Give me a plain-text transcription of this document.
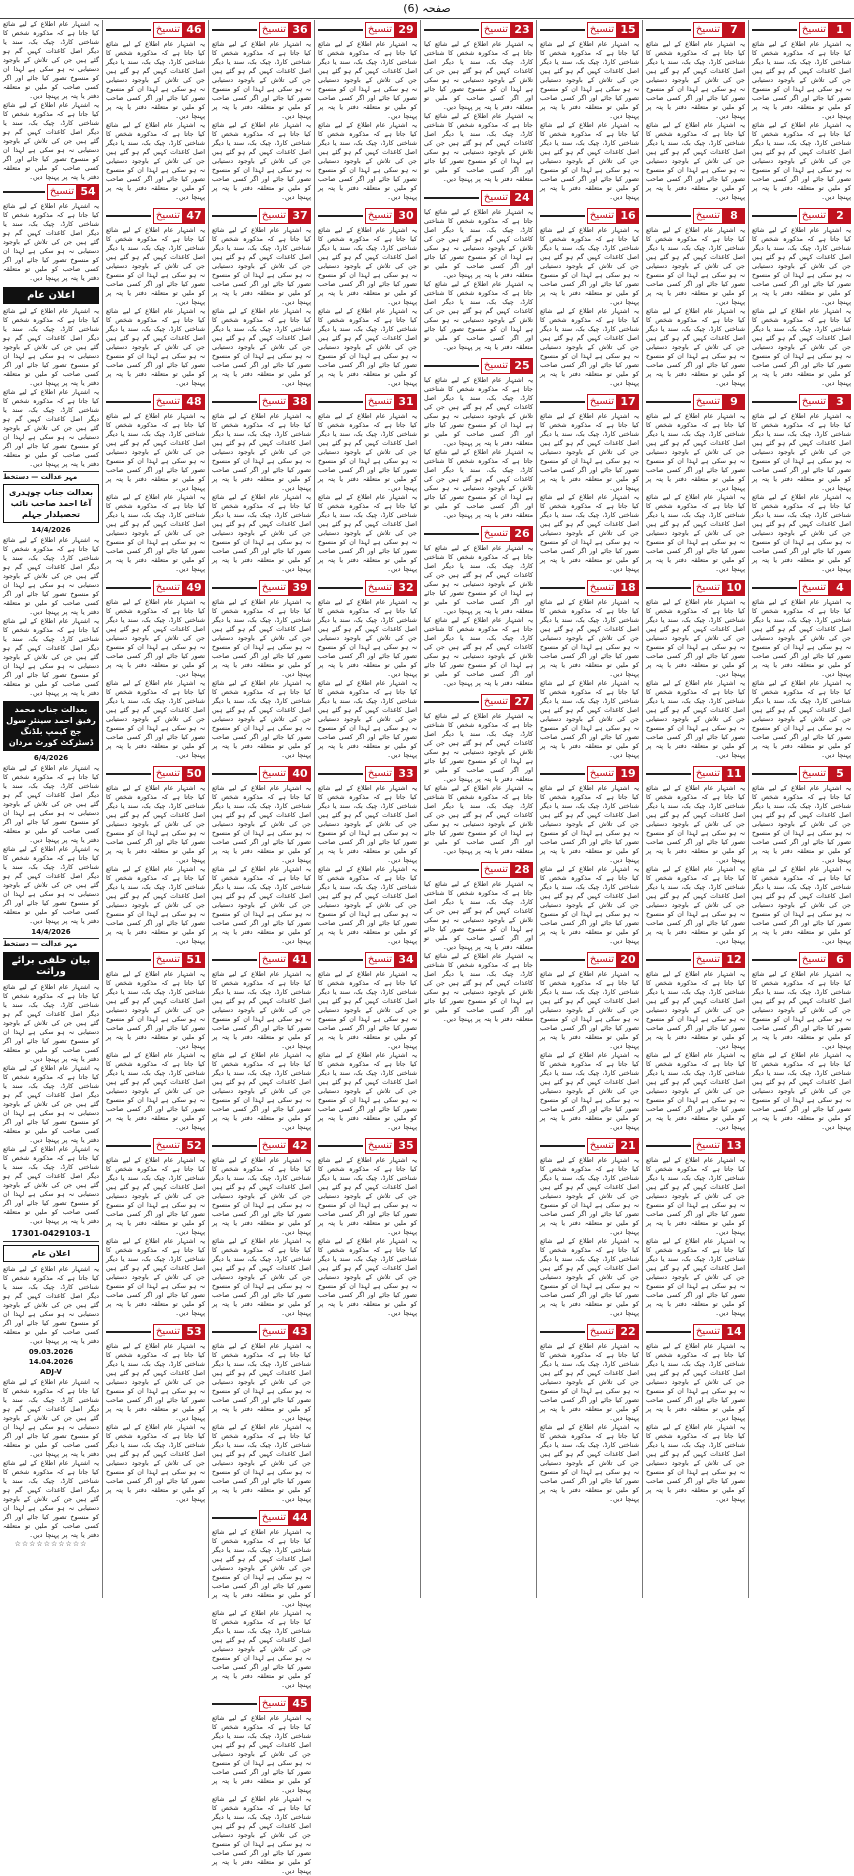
صفحہ (6)
1
تنسیخ
یہ اشتہار عام اطلاع کے لیے شائع کیا جاتا ہے کہ مذکورہ شخص کا شناختی کارڈ، چیک بک، سند یا دیگر اصل کاغذات کہیں گم ہو گئے ہیں جن کی تلاش کے باوجود دستیابی نہ ہو سکی ہے لہذا ان کو منسوخ تصور کیا جائے اور اگر کسی صاحب کو ملیں تو متعلقہ دفتر یا پتہ پر پہنچا دیں۔
یہ اشتہار عام اطلاع کے لیے شائع کیا جاتا ہے کہ مذکورہ شخص کا شناختی کارڈ، چیک بک، سند یا دیگر اصل کاغذات کہیں گم ہو گئے ہیں جن کی تلاش کے باوجود دستیابی نہ ہو سکی ہے لہذا ان کو منسوخ تصور کیا جائے اور اگر کسی صاحب کو ملیں تو متعلقہ دفتر یا پتہ پر پہنچا دیں۔
2
تنسیخ
یہ اشتہار عام اطلاع کے لیے شائع کیا جاتا ہے کہ مذکورہ شخص کا شناختی کارڈ، چیک بک، سند یا دیگر اصل کاغذات کہیں گم ہو گئے ہیں جن کی تلاش کے باوجود دستیابی نہ ہو سکی ہے لہذا ان کو منسوخ تصور کیا جائے اور اگر کسی صاحب کو ملیں تو متعلقہ دفتر یا پتہ پر پہنچا دیں۔
یہ اشتہار عام اطلاع کے لیے شائع کیا جاتا ہے کہ مذکورہ شخص کا شناختی کارڈ، چیک بک، سند یا دیگر اصل کاغذات کہیں گم ہو گئے ہیں جن کی تلاش کے باوجود دستیابی نہ ہو سکی ہے لہذا ان کو منسوخ تصور کیا جائے اور اگر کسی صاحب کو ملیں تو متعلقہ دفتر یا پتہ پر پہنچا دیں۔
3
تنسیخ
یہ اشتہار عام اطلاع کے لیے شائع کیا جاتا ہے کہ مذکورہ شخص کا شناختی کارڈ، چیک بک، سند یا دیگر اصل کاغذات کہیں گم ہو گئے ہیں جن کی تلاش کے باوجود دستیابی نہ ہو سکی ہے لہذا ان کو منسوخ تصور کیا جائے اور اگر کسی صاحب کو ملیں تو متعلقہ دفتر یا پتہ پر پہنچا دیں۔
یہ اشتہار عام اطلاع کے لیے شائع کیا جاتا ہے کہ مذکورہ شخص کا شناختی کارڈ، چیک بک، سند یا دیگر اصل کاغذات کہیں گم ہو گئے ہیں جن کی تلاش کے باوجود دستیابی نہ ہو سکی ہے لہذا ان کو منسوخ تصور کیا جائے اور اگر کسی صاحب کو ملیں تو متعلقہ دفتر یا پتہ پر پہنچا دیں۔
4
تنسیخ
یہ اشتہار عام اطلاع کے لیے شائع کیا جاتا ہے کہ مذکورہ شخص کا شناختی کارڈ، چیک بک، سند یا دیگر اصل کاغذات کہیں گم ہو گئے ہیں جن کی تلاش کے باوجود دستیابی نہ ہو سکی ہے لہذا ان کو منسوخ تصور کیا جائے اور اگر کسی صاحب کو ملیں تو متعلقہ دفتر یا پتہ پر پہنچا دیں۔
یہ اشتہار عام اطلاع کے لیے شائع کیا جاتا ہے کہ مذکورہ شخص کا شناختی کارڈ، چیک بک، سند یا دیگر اصل کاغذات کہیں گم ہو گئے ہیں جن کی تلاش کے باوجود دستیابی نہ ہو سکی ہے لہذا ان کو منسوخ تصور کیا جائے اور اگر کسی صاحب کو ملیں تو متعلقہ دفتر یا پتہ پر پہنچا دیں۔
5
تنسیخ
یہ اشتہار عام اطلاع کے لیے شائع کیا جاتا ہے کہ مذکورہ شخص کا شناختی کارڈ، چیک بک، سند یا دیگر اصل کاغذات کہیں گم ہو گئے ہیں جن کی تلاش کے باوجود دستیابی نہ ہو سکی ہے لہذا ان کو منسوخ تصور کیا جائے اور اگر کسی صاحب کو ملیں تو متعلقہ دفتر یا پتہ پر پہنچا دیں۔
یہ اشتہار عام اطلاع کے لیے شائع کیا جاتا ہے کہ مذکورہ شخص کا شناختی کارڈ، چیک بک، سند یا دیگر اصل کاغذات کہیں گم ہو گئے ہیں جن کی تلاش کے باوجود دستیابی نہ ہو سکی ہے لہذا ان کو منسوخ تصور کیا جائے اور اگر کسی صاحب کو ملیں تو متعلقہ دفتر یا پتہ پر پہنچا دیں۔
6
تنسیخ
یہ اشتہار عام اطلاع کے لیے شائع کیا جاتا ہے کہ مذکورہ شخص کا شناختی کارڈ، چیک بک، سند یا دیگر اصل کاغذات کہیں گم ہو گئے ہیں جن کی تلاش کے باوجود دستیابی نہ ہو سکی ہے لہذا ان کو منسوخ تصور کیا جائے اور اگر کسی صاحب کو ملیں تو متعلقہ دفتر یا پتہ پر پہنچا دیں۔
یہ اشتہار عام اطلاع کے لیے شائع کیا جاتا ہے کہ مذکورہ شخص کا شناختی کارڈ، چیک بک، سند یا دیگر اصل کاغذات کہیں گم ہو گئے ہیں جن کی تلاش کے باوجود دستیابی نہ ہو سکی ہے لہذا ان کو منسوخ تصور کیا جائے اور اگر کسی صاحب کو ملیں تو متعلقہ دفتر یا پتہ پر پہنچا دیں۔
7
تنسیخ
یہ اشتہار عام اطلاع کے لیے شائع کیا جاتا ہے کہ مذکورہ شخص کا شناختی کارڈ، چیک بک، سند یا دیگر اصل کاغذات کہیں گم ہو گئے ہیں جن کی تلاش کے باوجود دستیابی نہ ہو سکی ہے لہذا ان کو منسوخ تصور کیا جائے اور اگر کسی صاحب کو ملیں تو متعلقہ دفتر یا پتہ پر پہنچا دیں۔
یہ اشتہار عام اطلاع کے لیے شائع کیا جاتا ہے کہ مذکورہ شخص کا شناختی کارڈ، چیک بک، سند یا دیگر اصل کاغذات کہیں گم ہو گئے ہیں جن کی تلاش کے باوجود دستیابی نہ ہو سکی ہے لہذا ان کو منسوخ تصور کیا جائے اور اگر کسی صاحب کو ملیں تو متعلقہ دفتر یا پتہ پر پہنچا دیں۔
8
تنسیخ
یہ اشتہار عام اطلاع کے لیے شائع کیا جاتا ہے کہ مذکورہ شخص کا شناختی کارڈ، چیک بک، سند یا دیگر اصل کاغذات کہیں گم ہو گئے ہیں جن کی تلاش کے باوجود دستیابی نہ ہو سکی ہے لہذا ان کو منسوخ تصور کیا جائے اور اگر کسی صاحب کو ملیں تو متعلقہ دفتر یا پتہ پر پہنچا دیں۔
یہ اشتہار عام اطلاع کے لیے شائع کیا جاتا ہے کہ مذکورہ شخص کا شناختی کارڈ، چیک بک، سند یا دیگر اصل کاغذات کہیں گم ہو گئے ہیں جن کی تلاش کے باوجود دستیابی نہ ہو سکی ہے لہذا ان کو منسوخ تصور کیا جائے اور اگر کسی صاحب کو ملیں تو متعلقہ دفتر یا پتہ پر پہنچا دیں۔
9
تنسیخ
یہ اشتہار عام اطلاع کے لیے شائع کیا جاتا ہے کہ مذکورہ شخص کا شناختی کارڈ، چیک بک، سند یا دیگر اصل کاغذات کہیں گم ہو گئے ہیں جن کی تلاش کے باوجود دستیابی نہ ہو سکی ہے لہذا ان کو منسوخ تصور کیا جائے اور اگر کسی صاحب کو ملیں تو متعلقہ دفتر یا پتہ پر پہنچا دیں۔
یہ اشتہار عام اطلاع کے لیے شائع کیا جاتا ہے کہ مذکورہ شخص کا شناختی کارڈ، چیک بک، سند یا دیگر اصل کاغذات کہیں گم ہو گئے ہیں جن کی تلاش کے باوجود دستیابی نہ ہو سکی ہے لہذا ان کو منسوخ تصور کیا جائے اور اگر کسی صاحب کو ملیں تو متعلقہ دفتر یا پتہ پر پہنچا دیں۔
10
تنسیخ
یہ اشتہار عام اطلاع کے لیے شائع کیا جاتا ہے کہ مذکورہ شخص کا شناختی کارڈ، چیک بک، سند یا دیگر اصل کاغذات کہیں گم ہو گئے ہیں جن کی تلاش کے باوجود دستیابی نہ ہو سکی ہے لہذا ان کو منسوخ تصور کیا جائے اور اگر کسی صاحب کو ملیں تو متعلقہ دفتر یا پتہ پر پہنچا دیں۔
یہ اشتہار عام اطلاع کے لیے شائع کیا جاتا ہے کہ مذکورہ شخص کا شناختی کارڈ، چیک بک، سند یا دیگر اصل کاغذات کہیں گم ہو گئے ہیں جن کی تلاش کے باوجود دستیابی نہ ہو سکی ہے لہذا ان کو منسوخ تصور کیا جائے اور اگر کسی صاحب کو ملیں تو متعلقہ دفتر یا پتہ پر پہنچا دیں۔
11
تنسیخ
یہ اشتہار عام اطلاع کے لیے شائع کیا جاتا ہے کہ مذکورہ شخص کا شناختی کارڈ، چیک بک، سند یا دیگر اصل کاغذات کہیں گم ہو گئے ہیں جن کی تلاش کے باوجود دستیابی نہ ہو سکی ہے لہذا ان کو منسوخ تصور کیا جائے اور اگر کسی صاحب کو ملیں تو متعلقہ دفتر یا پتہ پر پہنچا دیں۔
یہ اشتہار عام اطلاع کے لیے شائع کیا جاتا ہے کہ مذکورہ شخص کا شناختی کارڈ، چیک بک، سند یا دیگر اصل کاغذات کہیں گم ہو گئے ہیں جن کی تلاش کے باوجود دستیابی نہ ہو سکی ہے لہذا ان کو منسوخ تصور کیا جائے اور اگر کسی صاحب کو ملیں تو متعلقہ دفتر یا پتہ پر پہنچا دیں۔
12
تنسیخ
یہ اشتہار عام اطلاع کے لیے شائع کیا جاتا ہے کہ مذکورہ شخص کا شناختی کارڈ، چیک بک، سند یا دیگر اصل کاغذات کہیں گم ہو گئے ہیں جن کی تلاش کے باوجود دستیابی نہ ہو سکی ہے لہذا ان کو منسوخ تصور کیا جائے اور اگر کسی صاحب کو ملیں تو متعلقہ دفتر یا پتہ پر پہنچا دیں۔
یہ اشتہار عام اطلاع کے لیے شائع کیا جاتا ہے کہ مذکورہ شخص کا شناختی کارڈ، چیک بک، سند یا دیگر اصل کاغذات کہیں گم ہو گئے ہیں جن کی تلاش کے باوجود دستیابی نہ ہو سکی ہے لہذا ان کو منسوخ تصور کیا جائے اور اگر کسی صاحب کو ملیں تو متعلقہ دفتر یا پتہ پر پہنچا دیں۔
13
تنسیخ
یہ اشتہار عام اطلاع کے لیے شائع کیا جاتا ہے کہ مذکورہ شخص کا شناختی کارڈ، چیک بک، سند یا دیگر اصل کاغذات کہیں گم ہو گئے ہیں جن کی تلاش کے باوجود دستیابی نہ ہو سکی ہے لہذا ان کو منسوخ تصور کیا جائے اور اگر کسی صاحب کو ملیں تو متعلقہ دفتر یا پتہ پر پہنچا دیں۔
یہ اشتہار عام اطلاع کے لیے شائع کیا جاتا ہے کہ مذکورہ شخص کا شناختی کارڈ، چیک بک، سند یا دیگر اصل کاغذات کہیں گم ہو گئے ہیں جن کی تلاش کے باوجود دستیابی نہ ہو سکی ہے لہذا ان کو منسوخ تصور کیا جائے اور اگر کسی صاحب کو ملیں تو متعلقہ دفتر یا پتہ پر پہنچا دیں۔
14
تنسیخ
یہ اشتہار عام اطلاع کے لیے شائع کیا جاتا ہے کہ مذکورہ شخص کا شناختی کارڈ، چیک بک، سند یا دیگر اصل کاغذات کہیں گم ہو گئے ہیں جن کی تلاش کے باوجود دستیابی نہ ہو سکی ہے لہذا ان کو منسوخ تصور کیا جائے اور اگر کسی صاحب کو ملیں تو متعلقہ دفتر یا پتہ پر پہنچا دیں۔
یہ اشتہار عام اطلاع کے لیے شائع کیا جاتا ہے کہ مذکورہ شخص کا شناختی کارڈ، چیک بک، سند یا دیگر اصل کاغذات کہیں گم ہو گئے ہیں جن کی تلاش کے باوجود دستیابی نہ ہو سکی ہے لہذا ان کو منسوخ تصور کیا جائے اور اگر کسی صاحب کو ملیں تو متعلقہ دفتر یا پتہ پر پہنچا دیں۔
15
تنسیخ
یہ اشتہار عام اطلاع کے لیے شائع کیا جاتا ہے کہ مذکورہ شخص کا شناختی کارڈ، چیک بک، سند یا دیگر اصل کاغذات کہیں گم ہو گئے ہیں جن کی تلاش کے باوجود دستیابی نہ ہو سکی ہے لہذا ان کو منسوخ تصور کیا جائے اور اگر کسی صاحب کو ملیں تو متعلقہ دفتر یا پتہ پر پہنچا دیں۔
یہ اشتہار عام اطلاع کے لیے شائع کیا جاتا ہے کہ مذکورہ شخص کا شناختی کارڈ، چیک بک، سند یا دیگر اصل کاغذات کہیں گم ہو گئے ہیں جن کی تلاش کے باوجود دستیابی نہ ہو سکی ہے لہذا ان کو منسوخ تصور کیا جائے اور اگر کسی صاحب کو ملیں تو متعلقہ دفتر یا پتہ پر پہنچا دیں۔
16
تنسیخ
یہ اشتہار عام اطلاع کے لیے شائع کیا جاتا ہے کہ مذکورہ شخص کا شناختی کارڈ، چیک بک، سند یا دیگر اصل کاغذات کہیں گم ہو گئے ہیں جن کی تلاش کے باوجود دستیابی نہ ہو سکی ہے لہذا ان کو منسوخ تصور کیا جائے اور اگر کسی صاحب کو ملیں تو متعلقہ دفتر یا پتہ پر پہنچا دیں۔
یہ اشتہار عام اطلاع کے لیے شائع کیا جاتا ہے کہ مذکورہ شخص کا شناختی کارڈ، چیک بک، سند یا دیگر اصل کاغذات کہیں گم ہو گئے ہیں جن کی تلاش کے باوجود دستیابی نہ ہو سکی ہے لہذا ان کو منسوخ تصور کیا جائے اور اگر کسی صاحب کو ملیں تو متعلقہ دفتر یا پتہ پر پہنچا دیں۔
17
تنسیخ
یہ اشتہار عام اطلاع کے لیے شائع کیا جاتا ہے کہ مذکورہ شخص کا شناختی کارڈ، چیک بک، سند یا دیگر اصل کاغذات کہیں گم ہو گئے ہیں جن کی تلاش کے باوجود دستیابی نہ ہو سکی ہے لہذا ان کو منسوخ تصور کیا جائے اور اگر کسی صاحب کو ملیں تو متعلقہ دفتر یا پتہ پر پہنچا دیں۔
یہ اشتہار عام اطلاع کے لیے شائع کیا جاتا ہے کہ مذکورہ شخص کا شناختی کارڈ، چیک بک، سند یا دیگر اصل کاغذات کہیں گم ہو گئے ہیں جن کی تلاش کے باوجود دستیابی نہ ہو سکی ہے لہذا ان کو منسوخ تصور کیا جائے اور اگر کسی صاحب کو ملیں تو متعلقہ دفتر یا پتہ پر پہنچا دیں۔
18
تنسیخ
یہ اشتہار عام اطلاع کے لیے شائع کیا جاتا ہے کہ مذکورہ شخص کا شناختی کارڈ، چیک بک، سند یا دیگر اصل کاغذات کہیں گم ہو گئے ہیں جن کی تلاش کے باوجود دستیابی نہ ہو سکی ہے لہذا ان کو منسوخ تصور کیا جائے اور اگر کسی صاحب کو ملیں تو متعلقہ دفتر یا پتہ پر پہنچا دیں۔
یہ اشتہار عام اطلاع کے لیے شائع کیا جاتا ہے کہ مذکورہ شخص کا شناختی کارڈ، چیک بک، سند یا دیگر اصل کاغذات کہیں گم ہو گئے ہیں جن کی تلاش کے باوجود دستیابی نہ ہو سکی ہے لہذا ان کو منسوخ تصور کیا جائے اور اگر کسی صاحب کو ملیں تو متعلقہ دفتر یا پتہ پر پہنچا دیں۔
19
تنسیخ
یہ اشتہار عام اطلاع کے لیے شائع کیا جاتا ہے کہ مذکورہ شخص کا شناختی کارڈ، چیک بک، سند یا دیگر اصل کاغذات کہیں گم ہو گئے ہیں جن کی تلاش کے باوجود دستیابی نہ ہو سکی ہے لہذا ان کو منسوخ تصور کیا جائے اور اگر کسی صاحب کو ملیں تو متعلقہ دفتر یا پتہ پر پہنچا دیں۔
یہ اشتہار عام اطلاع کے لیے شائع کیا جاتا ہے کہ مذکورہ شخص کا شناختی کارڈ، چیک بک، سند یا دیگر اصل کاغذات کہیں گم ہو گئے ہیں جن کی تلاش کے باوجود دستیابی نہ ہو سکی ہے لہذا ان کو منسوخ تصور کیا جائے اور اگر کسی صاحب کو ملیں تو متعلقہ دفتر یا پتہ پر پہنچا دیں۔
20
تنسیخ
یہ اشتہار عام اطلاع کے لیے شائع کیا جاتا ہے کہ مذکورہ شخص کا شناختی کارڈ، چیک بک، سند یا دیگر اصل کاغذات کہیں گم ہو گئے ہیں جن کی تلاش کے باوجود دستیابی نہ ہو سکی ہے لہذا ان کو منسوخ تصور کیا جائے اور اگر کسی صاحب کو ملیں تو متعلقہ دفتر یا پتہ پر پہنچا دیں۔
یہ اشتہار عام اطلاع کے لیے شائع کیا جاتا ہے کہ مذکورہ شخص کا شناختی کارڈ، چیک بک، سند یا دیگر اصل کاغذات کہیں گم ہو گئے ہیں جن کی تلاش کے باوجود دستیابی نہ ہو سکی ہے لہذا ان کو منسوخ تصور کیا جائے اور اگر کسی صاحب کو ملیں تو متعلقہ دفتر یا پتہ پر پہنچا دیں۔
21
تنسیخ
یہ اشتہار عام اطلاع کے لیے شائع کیا جاتا ہے کہ مذکورہ شخص کا شناختی کارڈ، چیک بک، سند یا دیگر اصل کاغذات کہیں گم ہو گئے ہیں جن کی تلاش کے باوجود دستیابی نہ ہو سکی ہے لہذا ان کو منسوخ تصور کیا جائے اور اگر کسی صاحب کو ملیں تو متعلقہ دفتر یا پتہ پر پہنچا دیں۔
یہ اشتہار عام اطلاع کے لیے شائع کیا جاتا ہے کہ مذکورہ شخص کا شناختی کارڈ، چیک بک، سند یا دیگر اصل کاغذات کہیں گم ہو گئے ہیں جن کی تلاش کے باوجود دستیابی نہ ہو سکی ہے لہذا ان کو منسوخ تصور کیا جائے اور اگر کسی صاحب کو ملیں تو متعلقہ دفتر یا پتہ پر پہنچا دیں۔
22
تنسیخ
یہ اشتہار عام اطلاع کے لیے شائع کیا جاتا ہے کہ مذکورہ شخص کا شناختی کارڈ، چیک بک، سند یا دیگر اصل کاغذات کہیں گم ہو گئے ہیں جن کی تلاش کے باوجود دستیابی نہ ہو سکی ہے لہذا ان کو منسوخ تصور کیا جائے اور اگر کسی صاحب کو ملیں تو متعلقہ دفتر یا پتہ پر پہنچا دیں۔
یہ اشتہار عام اطلاع کے لیے شائع کیا جاتا ہے کہ مذکورہ شخص کا شناختی کارڈ، چیک بک، سند یا دیگر اصل کاغذات کہیں گم ہو گئے ہیں جن کی تلاش کے باوجود دستیابی نہ ہو سکی ہے لہذا ان کو منسوخ تصور کیا جائے اور اگر کسی صاحب کو ملیں تو متعلقہ دفتر یا پتہ پر پہنچا دیں۔
23
تنسیخ
یہ اشتہار عام اطلاع کے لیے شائع کیا جاتا ہے کہ مذکورہ شخص کا شناختی کارڈ، چیک بک، سند یا دیگر اصل کاغذات کہیں گم ہو گئے ہیں جن کی تلاش کے باوجود دستیابی نہ ہو سکی ہے لہذا ان کو منسوخ تصور کیا جائے اور اگر کسی صاحب کو ملیں تو متعلقہ دفتر یا پتہ پر پہنچا دیں۔
یہ اشتہار عام اطلاع کے لیے شائع کیا جاتا ہے کہ مذکورہ شخص کا شناختی کارڈ، چیک بک، سند یا دیگر اصل کاغذات کہیں گم ہو گئے ہیں جن کی تلاش کے باوجود دستیابی نہ ہو سکی ہے لہذا ان کو منسوخ تصور کیا جائے اور اگر کسی صاحب کو ملیں تو متعلقہ دفتر یا پتہ پر پہنچا دیں۔
24
تنسیخ
یہ اشتہار عام اطلاع کے لیے شائع کیا جاتا ہے کہ مذکورہ شخص کا شناختی کارڈ، چیک بک، سند یا دیگر اصل کاغذات کہیں گم ہو گئے ہیں جن کی تلاش کے باوجود دستیابی نہ ہو سکی ہے لہذا ان کو منسوخ تصور کیا جائے اور اگر کسی صاحب کو ملیں تو متعلقہ دفتر یا پتہ پر پہنچا دیں۔
یہ اشتہار عام اطلاع کے لیے شائع کیا جاتا ہے کہ مذکورہ شخص کا شناختی کارڈ، چیک بک، سند یا دیگر اصل کاغذات کہیں گم ہو گئے ہیں جن کی تلاش کے باوجود دستیابی نہ ہو سکی ہے لہذا ان کو منسوخ تصور کیا جائے اور اگر کسی صاحب کو ملیں تو متعلقہ دفتر یا پتہ پر پہنچا دیں۔
25
تنسیخ
یہ اشتہار عام اطلاع کے لیے شائع کیا جاتا ہے کہ مذکورہ شخص کا شناختی کارڈ، چیک بک، سند یا دیگر اصل کاغذات کہیں گم ہو گئے ہیں جن کی تلاش کے باوجود دستیابی نہ ہو سکی ہے لہذا ان کو منسوخ تصور کیا جائے اور اگر کسی صاحب کو ملیں تو متعلقہ دفتر یا پتہ پر پہنچا دیں۔
یہ اشتہار عام اطلاع کے لیے شائع کیا جاتا ہے کہ مذکورہ شخص کا شناختی کارڈ، چیک بک، سند یا دیگر اصل کاغذات کہیں گم ہو گئے ہیں جن کی تلاش کے باوجود دستیابی نہ ہو سکی ہے لہذا ان کو منسوخ تصور کیا جائے اور اگر کسی صاحب کو ملیں تو متعلقہ دفتر یا پتہ پر پہنچا دیں۔
26
تنسیخ
یہ اشتہار عام اطلاع کے لیے شائع کیا جاتا ہے کہ مذکورہ شخص کا شناختی کارڈ، چیک بک، سند یا دیگر اصل کاغذات کہیں گم ہو گئے ہیں جن کی تلاش کے باوجود دستیابی نہ ہو سکی ہے لہذا ان کو منسوخ تصور کیا جائے اور اگر کسی صاحب کو ملیں تو متعلقہ دفتر یا پتہ پر پہنچا دیں۔
یہ اشتہار عام اطلاع کے لیے شائع کیا جاتا ہے کہ مذکورہ شخص کا شناختی کارڈ، چیک بک، سند یا دیگر اصل کاغذات کہیں گم ہو گئے ہیں جن کی تلاش کے باوجود دستیابی نہ ہو سکی ہے لہذا ان کو منسوخ تصور کیا جائے اور اگر کسی صاحب کو ملیں تو متعلقہ دفتر یا پتہ پر پہنچا دیں۔
27
تنسیخ
یہ اشتہار عام اطلاع کے لیے شائع کیا جاتا ہے کہ مذکورہ شخص کا شناختی کارڈ، چیک بک، سند یا دیگر اصل کاغذات کہیں گم ہو گئے ہیں جن کی تلاش کے باوجود دستیابی نہ ہو سکی ہے لہذا ان کو منسوخ تصور کیا جائے اور اگر کسی صاحب کو ملیں تو متعلقہ دفتر یا پتہ پر پہنچا دیں۔
یہ اشتہار عام اطلاع کے لیے شائع کیا جاتا ہے کہ مذکورہ شخص کا شناختی کارڈ، چیک بک، سند یا دیگر اصل کاغذات کہیں گم ہو گئے ہیں جن کی تلاش کے باوجود دستیابی نہ ہو سکی ہے لہذا ان کو منسوخ تصور کیا جائے اور اگر کسی صاحب کو ملیں تو متعلقہ دفتر یا پتہ پر پہنچا دیں۔
28
تنسیخ
یہ اشتہار عام اطلاع کے لیے شائع کیا جاتا ہے کہ مذکورہ شخص کا شناختی کارڈ، چیک بک، سند یا دیگر اصل کاغذات کہیں گم ہو گئے ہیں جن کی تلاش کے باوجود دستیابی نہ ہو سکی ہے لہذا ان کو منسوخ تصور کیا جائے اور اگر کسی صاحب کو ملیں تو متعلقہ دفتر یا پتہ پر پہنچا دیں۔
یہ اشتہار عام اطلاع کے لیے شائع کیا جاتا ہے کہ مذکورہ شخص کا شناختی کارڈ، چیک بک، سند یا دیگر اصل کاغذات کہیں گم ہو گئے ہیں جن کی تلاش کے باوجود دستیابی نہ ہو سکی ہے لہذا ان کو منسوخ تصور کیا جائے اور اگر کسی صاحب کو ملیں تو متعلقہ دفتر یا پتہ پر پہنچا دیں۔
29
تنسیخ
یہ اشتہار عام اطلاع کے لیے شائع کیا جاتا ہے کہ مذکورہ شخص کا شناختی کارڈ، چیک بک، سند یا دیگر اصل کاغذات کہیں گم ہو گئے ہیں جن کی تلاش کے باوجود دستیابی نہ ہو سکی ہے لہذا ان کو منسوخ تصور کیا جائے اور اگر کسی صاحب کو ملیں تو متعلقہ دفتر یا پتہ پر پہنچا دیں۔
یہ اشتہار عام اطلاع کے لیے شائع کیا جاتا ہے کہ مذکورہ شخص کا شناختی کارڈ، چیک بک، سند یا دیگر اصل کاغذات کہیں گم ہو گئے ہیں جن کی تلاش کے باوجود دستیابی نہ ہو سکی ہے لہذا ان کو منسوخ تصور کیا جائے اور اگر کسی صاحب کو ملیں تو متعلقہ دفتر یا پتہ پر پہنچا دیں۔
30
تنسیخ
یہ اشتہار عام اطلاع کے لیے شائع کیا جاتا ہے کہ مذکورہ شخص کا شناختی کارڈ، چیک بک، سند یا دیگر اصل کاغذات کہیں گم ہو گئے ہیں جن کی تلاش کے باوجود دستیابی نہ ہو سکی ہے لہذا ان کو منسوخ تصور کیا جائے اور اگر کسی صاحب کو ملیں تو متعلقہ دفتر یا پتہ پر پہنچا دیں۔
یہ اشتہار عام اطلاع کے لیے شائع کیا جاتا ہے کہ مذکورہ شخص کا شناختی کارڈ، چیک بک، سند یا دیگر اصل کاغذات کہیں گم ہو گئے ہیں جن کی تلاش کے باوجود دستیابی نہ ہو سکی ہے لہذا ان کو منسوخ تصور کیا جائے اور اگر کسی صاحب کو ملیں تو متعلقہ دفتر یا پتہ پر پہنچا دیں۔
31
تنسیخ
یہ اشتہار عام اطلاع کے لیے شائع کیا جاتا ہے کہ مذکورہ شخص کا شناختی کارڈ، چیک بک، سند یا دیگر اصل کاغذات کہیں گم ہو گئے ہیں جن کی تلاش کے باوجود دستیابی نہ ہو سکی ہے لہذا ان کو منسوخ تصور کیا جائے اور اگر کسی صاحب کو ملیں تو متعلقہ دفتر یا پتہ پر پہنچا دیں۔
یہ اشتہار عام اطلاع کے لیے شائع کیا جاتا ہے کہ مذکورہ شخص کا شناختی کارڈ، چیک بک، سند یا دیگر اصل کاغذات کہیں گم ہو گئے ہیں جن کی تلاش کے باوجود دستیابی نہ ہو سکی ہے لہذا ان کو منسوخ تصور کیا جائے اور اگر کسی صاحب کو ملیں تو متعلقہ دفتر یا پتہ پر پہنچا دیں۔
32
تنسیخ
یہ اشتہار عام اطلاع کے لیے شائع کیا جاتا ہے کہ مذکورہ شخص کا شناختی کارڈ، چیک بک، سند یا دیگر اصل کاغذات کہیں گم ہو گئے ہیں جن کی تلاش کے باوجود دستیابی نہ ہو سکی ہے لہذا ان کو منسوخ تصور کیا جائے اور اگر کسی صاحب کو ملیں تو متعلقہ دفتر یا پتہ پر پہنچا دیں۔
یہ اشتہار عام اطلاع کے لیے شائع کیا جاتا ہے کہ مذکورہ شخص کا شناختی کارڈ، چیک بک، سند یا دیگر اصل کاغذات کہیں گم ہو گئے ہیں جن کی تلاش کے باوجود دستیابی نہ ہو سکی ہے لہذا ان کو منسوخ تصور کیا جائے اور اگر کسی صاحب کو ملیں تو متعلقہ دفتر یا پتہ پر پہنچا دیں۔
33
تنسیخ
یہ اشتہار عام اطلاع کے لیے شائع کیا جاتا ہے کہ مذکورہ شخص کا شناختی کارڈ، چیک بک، سند یا دیگر اصل کاغذات کہیں گم ہو گئے ہیں جن کی تلاش کے باوجود دستیابی نہ ہو سکی ہے لہذا ان کو منسوخ تصور کیا جائے اور اگر کسی صاحب کو ملیں تو متعلقہ دفتر یا پتہ پر پہنچا دیں۔
یہ اشتہار عام اطلاع کے لیے شائع کیا جاتا ہے کہ مذکورہ شخص کا شناختی کارڈ، چیک بک، سند یا دیگر اصل کاغذات کہیں گم ہو گئے ہیں جن کی تلاش کے باوجود دستیابی نہ ہو سکی ہے لہذا ان کو منسوخ تصور کیا جائے اور اگر کسی صاحب کو ملیں تو متعلقہ دفتر یا پتہ پر پہنچا دیں۔
34
تنسیخ
یہ اشتہار عام اطلاع کے لیے شائع کیا جاتا ہے کہ مذکورہ شخص کا شناختی کارڈ، چیک بک، سند یا دیگر اصل کاغذات کہیں گم ہو گئے ہیں جن کی تلاش کے باوجود دستیابی نہ ہو سکی ہے لہذا ان کو منسوخ تصور کیا جائے اور اگر کسی صاحب کو ملیں تو متعلقہ دفتر یا پتہ پر پہنچا دیں۔
یہ اشتہار عام اطلاع کے لیے شائع کیا جاتا ہے کہ مذکورہ شخص کا شناختی کارڈ، چیک بک، سند یا دیگر اصل کاغذات کہیں گم ہو گئے ہیں جن کی تلاش کے باوجود دستیابی نہ ہو سکی ہے لہذا ان کو منسوخ تصور کیا جائے اور اگر کسی صاحب کو ملیں تو متعلقہ دفتر یا پتہ پر پہنچا دیں۔
35
تنسیخ
یہ اشتہار عام اطلاع کے لیے شائع کیا جاتا ہے کہ مذکورہ شخص کا شناختی کارڈ، چیک بک، سند یا دیگر اصل کاغذات کہیں گم ہو گئے ہیں جن کی تلاش کے باوجود دستیابی نہ ہو سکی ہے لہذا ان کو منسوخ تصور کیا جائے اور اگر کسی صاحب کو ملیں تو متعلقہ دفتر یا پتہ پر پہنچا دیں۔
یہ اشتہار عام اطلاع کے لیے شائع کیا جاتا ہے کہ مذکورہ شخص کا شناختی کارڈ، چیک بک، سند یا دیگر اصل کاغذات کہیں گم ہو گئے ہیں جن کی تلاش کے باوجود دستیابی نہ ہو سکی ہے لہذا ان کو منسوخ تصور کیا جائے اور اگر کسی صاحب کو ملیں تو متعلقہ دفتر یا پتہ پر پہنچا دیں۔
36
تنسیخ
یہ اشتہار عام اطلاع کے لیے شائع کیا جاتا ہے کہ مذکورہ شخص کا شناختی کارڈ، چیک بک، سند یا دیگر اصل کاغذات کہیں گم ہو گئے ہیں جن کی تلاش کے باوجود دستیابی نہ ہو سکی ہے لہذا ان کو منسوخ تصور کیا جائے اور اگر کسی صاحب کو ملیں تو متعلقہ دفتر یا پتہ پر پہنچا دیں۔
یہ اشتہار عام اطلاع کے لیے شائع کیا جاتا ہے کہ مذکورہ شخص کا شناختی کارڈ، چیک بک، سند یا دیگر اصل کاغذات کہیں گم ہو گئے ہیں جن کی تلاش کے باوجود دستیابی نہ ہو سکی ہے لہذا ان کو منسوخ تصور کیا جائے اور اگر کسی صاحب کو ملیں تو متعلقہ دفتر یا پتہ پر پہنچا دیں۔
37
تنسیخ
یہ اشتہار عام اطلاع کے لیے شائع کیا جاتا ہے کہ مذکورہ شخص کا شناختی کارڈ، چیک بک، سند یا دیگر اصل کاغذات کہیں گم ہو گئے ہیں جن کی تلاش کے باوجود دستیابی نہ ہو سکی ہے لہذا ان کو منسوخ تصور کیا جائے اور اگر کسی صاحب کو ملیں تو متعلقہ دفتر یا پتہ پر پہنچا دیں۔
یہ اشتہار عام اطلاع کے لیے شائع کیا جاتا ہے کہ مذکورہ شخص کا شناختی کارڈ، چیک بک، سند یا دیگر اصل کاغذات کہیں گم ہو گئے ہیں جن کی تلاش کے باوجود دستیابی نہ ہو سکی ہے لہذا ان کو منسوخ تصور کیا جائے اور اگر کسی صاحب کو ملیں تو متعلقہ دفتر یا پتہ پر پہنچا دیں۔
38
تنسیخ
یہ اشتہار عام اطلاع کے لیے شائع کیا جاتا ہے کہ مذکورہ شخص کا شناختی کارڈ، چیک بک، سند یا دیگر اصل کاغذات کہیں گم ہو گئے ہیں جن کی تلاش کے باوجود دستیابی نہ ہو سکی ہے لہذا ان کو منسوخ تصور کیا جائے اور اگر کسی صاحب کو ملیں تو متعلقہ دفتر یا پتہ پر پہنچا دیں۔
یہ اشتہار عام اطلاع کے لیے شائع کیا جاتا ہے کہ مذکورہ شخص کا شناختی کارڈ، چیک بک، سند یا دیگر اصل کاغذات کہیں گم ہو گئے ہیں جن کی تلاش کے باوجود دستیابی نہ ہو سکی ہے لہذا ان کو منسوخ تصور کیا جائے اور اگر کسی صاحب کو ملیں تو متعلقہ دفتر یا پتہ پر پہنچا دیں۔
39
تنسیخ
یہ اشتہار عام اطلاع کے لیے شائع کیا جاتا ہے کہ مذکورہ شخص کا شناختی کارڈ، چیک بک، سند یا دیگر اصل کاغذات کہیں گم ہو گئے ہیں جن کی تلاش کے باوجود دستیابی نہ ہو سکی ہے لہذا ان کو منسوخ تصور کیا جائے اور اگر کسی صاحب کو ملیں تو متعلقہ دفتر یا پتہ پر پہنچا دیں۔
یہ اشتہار عام اطلاع کے لیے شائع کیا جاتا ہے کہ مذکورہ شخص کا شناختی کارڈ، چیک بک، سند یا دیگر اصل کاغذات کہیں گم ہو گئے ہیں جن کی تلاش کے باوجود دستیابی نہ ہو سکی ہے لہذا ان کو منسوخ تصور کیا جائے اور اگر کسی صاحب کو ملیں تو متعلقہ دفتر یا پتہ پر پہنچا دیں۔
40
تنسیخ
یہ اشتہار عام اطلاع کے لیے شائع کیا جاتا ہے کہ مذکورہ شخص کا شناختی کارڈ، چیک بک، سند یا دیگر اصل کاغذات کہیں گم ہو گئے ہیں جن کی تلاش کے باوجود دستیابی نہ ہو سکی ہے لہذا ان کو منسوخ تصور کیا جائے اور اگر کسی صاحب کو ملیں تو متعلقہ دفتر یا پتہ پر پہنچا دیں۔
یہ اشتہار عام اطلاع کے لیے شائع کیا جاتا ہے کہ مذکورہ شخص کا شناختی کارڈ، چیک بک، سند یا دیگر اصل کاغذات کہیں گم ہو گئے ہیں جن کی تلاش کے باوجود دستیابی نہ ہو سکی ہے لہذا ان کو منسوخ تصور کیا جائے اور اگر کسی صاحب کو ملیں تو متعلقہ دفتر یا پتہ پر پہنچا دیں۔
41
تنسیخ
یہ اشتہار عام اطلاع کے لیے شائع کیا جاتا ہے کہ مذکورہ شخص کا شناختی کارڈ، چیک بک، سند یا دیگر اصل کاغذات کہیں گم ہو گئے ہیں جن کی تلاش کے باوجود دستیابی نہ ہو سکی ہے لہذا ان کو منسوخ تصور کیا جائے اور اگر کسی صاحب کو ملیں تو متعلقہ دفتر یا پتہ پر پہنچا دیں۔
یہ اشتہار عام اطلاع کے لیے شائع کیا جاتا ہے کہ مذکورہ شخص کا شناختی کارڈ، چیک بک، سند یا دیگر اصل کاغذات کہیں گم ہو گئے ہیں جن کی تلاش کے باوجود دستیابی نہ ہو سکی ہے لہذا ان کو منسوخ تصور کیا جائے اور اگر کسی صاحب کو ملیں تو متعلقہ دفتر یا پتہ پر پہنچا دیں۔
42
تنسیخ
یہ اشتہار عام اطلاع کے لیے شائع کیا جاتا ہے کہ مذکورہ شخص کا شناختی کارڈ، چیک بک، سند یا دیگر اصل کاغذات کہیں گم ہو گئے ہیں جن کی تلاش کے باوجود دستیابی نہ ہو سکی ہے لہذا ان کو منسوخ تصور کیا جائے اور اگر کسی صاحب کو ملیں تو متعلقہ دفتر یا پتہ پر پہنچا دیں۔
یہ اشتہار عام اطلاع کے لیے شائع کیا جاتا ہے کہ مذکورہ شخص کا شناختی کارڈ، چیک بک، سند یا دیگر اصل کاغذات کہیں گم ہو گئے ہیں جن کی تلاش کے باوجود دستیابی نہ ہو سکی ہے لہذا ان کو منسوخ تصور کیا جائے اور اگر کسی صاحب کو ملیں تو متعلقہ دفتر یا پتہ پر پہنچا دیں۔
43
تنسیخ
یہ اشتہار عام اطلاع کے لیے شائع کیا جاتا ہے کہ مذکورہ شخص کا شناختی کارڈ، چیک بک، سند یا دیگر اصل کاغذات کہیں گم ہو گئے ہیں جن کی تلاش کے باوجود دستیابی نہ ہو سکی ہے لہذا ان کو منسوخ تصور کیا جائے اور اگر کسی صاحب کو ملیں تو متعلقہ دفتر یا پتہ پر پہنچا دیں۔
یہ اشتہار عام اطلاع کے لیے شائع کیا جاتا ہے کہ مذکورہ شخص کا شناختی کارڈ، چیک بک، سند یا دیگر اصل کاغذات کہیں گم ہو گئے ہیں جن کی تلاش کے باوجود دستیابی نہ ہو سکی ہے لہذا ان کو منسوخ تصور کیا جائے اور اگر کسی صاحب کو ملیں تو متعلقہ دفتر یا پتہ پر پہنچا دیں۔
44
تنسیخ
یہ اشتہار عام اطلاع کے لیے شائع کیا جاتا ہے کہ مذکورہ شخص کا شناختی کارڈ، چیک بک، سند یا دیگر اصل کاغذات کہیں گم ہو گئے ہیں جن کی تلاش کے باوجود دستیابی نہ ہو سکی ہے لہذا ان کو منسوخ تصور کیا جائے اور اگر کسی صاحب کو ملیں تو متعلقہ دفتر یا پتہ پر پہنچا دیں۔
یہ اشتہار عام اطلاع کے لیے شائع کیا جاتا ہے کہ مذکورہ شخص کا شناختی کارڈ، چیک بک، سند یا دیگر اصل کاغذات کہیں گم ہو گئے ہیں جن کی تلاش کے باوجود دستیابی نہ ہو سکی ہے لہذا ان کو منسوخ تصور کیا جائے اور اگر کسی صاحب کو ملیں تو متعلقہ دفتر یا پتہ پر پہنچا دیں۔
45
تنسیخ
یہ اشتہار عام اطلاع کے لیے شائع کیا جاتا ہے کہ مذکورہ شخص کا شناختی کارڈ، چیک بک، سند یا دیگر اصل کاغذات کہیں گم ہو گئے ہیں جن کی تلاش کے باوجود دستیابی نہ ہو سکی ہے لہذا ان کو منسوخ تصور کیا جائے اور اگر کسی صاحب کو ملیں تو متعلقہ دفتر یا پتہ پر پہنچا دیں۔
یہ اشتہار عام اطلاع کے لیے شائع کیا جاتا ہے کہ مذکورہ شخص کا شناختی کارڈ، چیک بک، سند یا دیگر اصل کاغذات کہیں گم ہو گئے ہیں جن کی تلاش کے باوجود دستیابی نہ ہو سکی ہے لہذا ان کو منسوخ تصور کیا جائے اور اگر کسی صاحب کو ملیں تو متعلقہ دفتر یا پتہ پر پہنچا دیں۔
46
تنسیخ
یہ اشتہار عام اطلاع کے لیے شائع کیا جاتا ہے کہ مذکورہ شخص کا شناختی کارڈ، چیک بک، سند یا دیگر اصل کاغذات کہیں گم ہو گئے ہیں جن کی تلاش کے باوجود دستیابی نہ ہو سکی ہے لہذا ان کو منسوخ تصور کیا جائے اور اگر کسی صاحب کو ملیں تو متعلقہ دفتر یا پتہ پر پہنچا دیں۔
یہ اشتہار عام اطلاع کے لیے شائع کیا جاتا ہے کہ مذکورہ شخص کا شناختی کارڈ، چیک بک، سند یا دیگر اصل کاغذات کہیں گم ہو گئے ہیں جن کی تلاش کے باوجود دستیابی نہ ہو سکی ہے لہذا ان کو منسوخ تصور کیا جائے اور اگر کسی صاحب کو ملیں تو متعلقہ دفتر یا پتہ پر پہنچا دیں۔
47
تنسیخ
یہ اشتہار عام اطلاع کے لیے شائع کیا جاتا ہے کہ مذکورہ شخص کا شناختی کارڈ، چیک بک، سند یا دیگر اصل کاغذات کہیں گم ہو گئے ہیں جن کی تلاش کے باوجود دستیابی نہ ہو سکی ہے لہذا ان کو منسوخ تصور کیا جائے اور اگر کسی صاحب کو ملیں تو متعلقہ دفتر یا پتہ پر پہنچا دیں۔
یہ اشتہار عام اطلاع کے لیے شائع کیا جاتا ہے کہ مذکورہ شخص کا شناختی کارڈ، چیک بک، سند یا دیگر اصل کاغذات کہیں گم ہو گئے ہیں جن کی تلاش کے باوجود دستیابی نہ ہو سکی ہے لہذا ان کو منسوخ تصور کیا جائے اور اگر کسی صاحب کو ملیں تو متعلقہ دفتر یا پتہ پر پہنچا دیں۔
48
تنسیخ
یہ اشتہار عام اطلاع کے لیے شائع کیا جاتا ہے کہ مذکورہ شخص کا شناختی کارڈ، چیک بک، سند یا دیگر اصل کاغذات کہیں گم ہو گئے ہیں جن کی تلاش کے باوجود دستیابی نہ ہو سکی ہے لہذا ان کو منسوخ تصور کیا جائے اور اگر کسی صاحب کو ملیں تو متعلقہ دفتر یا پتہ پر پہنچا دیں۔
یہ اشتہار عام اطلاع کے لیے شائع کیا جاتا ہے کہ مذکورہ شخص کا شناختی کارڈ، چیک بک، سند یا دیگر اصل کاغذات کہیں گم ہو گئے ہیں جن کی تلاش کے باوجود دستیابی نہ ہو سکی ہے لہذا ان کو منسوخ تصور کیا جائے اور اگر کسی صاحب کو ملیں تو متعلقہ دفتر یا پتہ پر پہنچا دیں۔
49
تنسیخ
یہ اشتہار عام اطلاع کے لیے شائع کیا جاتا ہے کہ مذکورہ شخص کا شناختی کارڈ، چیک بک، سند یا دیگر اصل کاغذات کہیں گم ہو گئے ہیں جن کی تلاش کے باوجود دستیابی نہ ہو سکی ہے لہذا ان کو منسوخ تصور کیا جائے اور اگر کسی صاحب کو ملیں تو متعلقہ دفتر یا پتہ پر پہنچا دیں۔
یہ اشتہار عام اطلاع کے لیے شائع کیا جاتا ہے کہ مذکورہ شخص کا شناختی کارڈ، چیک بک، سند یا دیگر اصل کاغذات کہیں گم ہو گئے ہیں جن کی تلاش کے باوجود دستیابی نہ ہو سکی ہے لہذا ان کو منسوخ تصور کیا جائے اور اگر کسی صاحب کو ملیں تو متعلقہ دفتر یا پتہ پر پہنچا دیں۔
50
تنسیخ
یہ اشتہار عام اطلاع کے لیے شائع کیا جاتا ہے کہ مذکورہ شخص کا شناختی کارڈ، چیک بک، سند یا دیگر اصل کاغذات کہیں گم ہو گئے ہیں جن کی تلاش کے باوجود دستیابی نہ ہو سکی ہے لہذا ان کو منسوخ تصور کیا جائے اور اگر کسی صاحب کو ملیں تو متعلقہ دفتر یا پتہ پر پہنچا دیں۔
یہ اشتہار عام اطلاع کے لیے شائع کیا جاتا ہے کہ مذکورہ شخص کا شناختی کارڈ، چیک بک، سند یا دیگر اصل کاغذات کہیں گم ہو گئے ہیں جن کی تلاش کے باوجود دستیابی نہ ہو سکی ہے لہذا ان کو منسوخ تصور کیا جائے اور اگر کسی صاحب کو ملیں تو متعلقہ دفتر یا پتہ پر پہنچا دیں۔
51
تنسیخ
یہ اشتہار عام اطلاع کے لیے شائع کیا جاتا ہے کہ مذکورہ شخص کا شناختی کارڈ، چیک بک، سند یا دیگر اصل کاغذات کہیں گم ہو گئے ہیں جن کی تلاش کے باوجود دستیابی نہ ہو سکی ہے لہذا ان کو منسوخ تصور کیا جائے اور اگر کسی صاحب کو ملیں تو متعلقہ دفتر یا پتہ پر پہنچا دیں۔
یہ اشتہار عام اطلاع کے لیے شائع کیا جاتا ہے کہ مذکورہ شخص کا شناختی کارڈ، چیک بک، سند یا دیگر اصل کاغذات کہیں گم ہو گئے ہیں جن کی تلاش کے باوجود دستیابی نہ ہو سکی ہے لہذا ان کو منسوخ تصور کیا جائے اور اگر کسی صاحب کو ملیں تو متعلقہ دفتر یا پتہ پر پہنچا دیں۔
52
تنسیخ
یہ اشتہار عام اطلاع کے لیے شائع کیا جاتا ہے کہ مذکورہ شخص کا شناختی کارڈ، چیک بک، سند یا دیگر اصل کاغذات کہیں گم ہو گئے ہیں جن کی تلاش کے باوجود دستیابی نہ ہو سکی ہے لہذا ان کو منسوخ تصور کیا جائے اور اگر کسی صاحب کو ملیں تو متعلقہ دفتر یا پتہ پر پہنچا دیں۔
یہ اشتہار عام اطلاع کے لیے شائع کیا جاتا ہے کہ مذکورہ شخص کا شناختی کارڈ، چیک بک، سند یا دیگر اصل کاغذات کہیں گم ہو گئے ہیں جن کی تلاش کے باوجود دستیابی نہ ہو سکی ہے لہذا ان کو منسوخ تصور کیا جائے اور اگر کسی صاحب کو ملیں تو متعلقہ دفتر یا پتہ پر پہنچا دیں۔
53
تنسیخ
یہ اشتہار عام اطلاع کے لیے شائع کیا جاتا ہے کہ مذکورہ شخص کا شناختی کارڈ، چیک بک، سند یا دیگر اصل کاغذات کہیں گم ہو گئے ہیں جن کی تلاش کے باوجود دستیابی نہ ہو سکی ہے لہذا ان کو منسوخ تصور کیا جائے اور اگر کسی صاحب کو ملیں تو متعلقہ دفتر یا پتہ پر پہنچا دیں۔
یہ اشتہار عام اطلاع کے لیے شائع کیا جاتا ہے کہ مذکورہ شخص کا شناختی کارڈ، چیک بک، سند یا دیگر اصل کاغذات کہیں گم ہو گئے ہیں جن کی تلاش کے باوجود دستیابی نہ ہو سکی ہے لہذا ان کو منسوخ تصور کیا جائے اور اگر کسی صاحب کو ملیں تو متعلقہ دفتر یا پتہ پر پہنچا دیں۔
یہ اشتہار عام اطلاع کے لیے شائع کیا جاتا ہے کہ مذکورہ شخص کا شناختی کارڈ، چیک بک، سند یا دیگر اصل کاغذات کہیں گم ہو گئے ہیں جن کی تلاش کے باوجود دستیابی نہ ہو سکی ہے لہذا ان کو منسوخ تصور کیا جائے اور اگر کسی صاحب کو ملیں تو متعلقہ دفتر یا پتہ پر پہنچا دیں۔
یہ اشتہار عام اطلاع کے لیے شائع کیا جاتا ہے کہ مذکورہ شخص کا شناختی کارڈ، چیک بک، سند یا دیگر اصل کاغذات کہیں گم ہو گئے ہیں جن کی تلاش کے باوجود دستیابی نہ ہو سکی ہے لہذا ان کو منسوخ تصور کیا جائے اور اگر کسی صاحب کو ملیں تو متعلقہ دفتر یا پتہ پر پہنچا دیں۔
54
تنسیخ
یہ اشتہار عام اطلاع کے لیے شائع کیا جاتا ہے کہ مذکورہ شخص کا شناختی کارڈ، چیک بک، سند یا دیگر اصل کاغذات کہیں گم ہو گئے ہیں جن کی تلاش کے باوجود دستیابی نہ ہو سکی ہے لہذا ان کو منسوخ تصور کیا جائے اور اگر کسی صاحب کو ملیں تو متعلقہ دفتر یا پتہ پر پہنچا دیں۔
اعلان عام
یہ اشتہار عام اطلاع کے لیے شائع کیا جاتا ہے کہ مذکورہ شخص کا شناختی کارڈ، چیک بک، سند یا دیگر اصل کاغذات کہیں گم ہو گئے ہیں جن کی تلاش کے باوجود دستیابی نہ ہو سکی ہے لہذا ان کو منسوخ تصور کیا جائے اور اگر کسی صاحب کو ملیں تو متعلقہ دفتر یا پتہ پر پہنچا دیں۔
یہ اشتہار عام اطلاع کے لیے شائع کیا جاتا ہے کہ مذکورہ شخص کا شناختی کارڈ، چیک بک، سند یا دیگر اصل کاغذات کہیں گم ہو گئے ہیں جن کی تلاش کے باوجود دستیابی نہ ہو سکی ہے لہذا ان کو منسوخ تصور کیا جائے اور اگر کسی صاحب کو ملیں تو متعلقہ دفتر یا پتہ پر پہنچا دیں۔
مہر عدالت — دستخط
بعدالت جناب چوہدری آغا احمد صاحب نائب تحصیلدار جہلم
14/4/2026
یہ اشتہار عام اطلاع کے لیے شائع کیا جاتا ہے کہ مذکورہ شخص کا شناختی کارڈ، چیک بک، سند یا دیگر اصل کاغذات کہیں گم ہو گئے ہیں جن کی تلاش کے باوجود دستیابی نہ ہو سکی ہے لہذا ان کو منسوخ تصور کیا جائے اور اگر کسی صاحب کو ملیں تو متعلقہ دفتر یا پتہ پر پہنچا دیں۔
یہ اشتہار عام اطلاع کے لیے شائع کیا جاتا ہے کہ مذکورہ شخص کا شناختی کارڈ، چیک بک، سند یا دیگر اصل کاغذات کہیں گم ہو گئے ہیں جن کی تلاش کے باوجود دستیابی نہ ہو سکی ہے لہذا ان کو منسوخ تصور کیا جائے اور اگر کسی صاحب کو ملیں تو متعلقہ دفتر یا پتہ پر پہنچا دیں۔
بعدالت جناب محمد رفیق احمد سینئر سول جج کیمپ بلڈنگ ڈسٹرکٹ کورٹ مردان
6/4/2026
یہ اشتہار عام اطلاع کے لیے شائع کیا جاتا ہے کہ مذکورہ شخص کا شناختی کارڈ، چیک بک، سند یا دیگر اصل کاغذات کہیں گم ہو گئے ہیں جن کی تلاش کے باوجود دستیابی نہ ہو سکی ہے لہذا ان کو منسوخ تصور کیا جائے اور اگر کسی صاحب کو ملیں تو متعلقہ دفتر یا پتہ پر پہنچا دیں۔
یہ اشتہار عام اطلاع کے لیے شائع کیا جاتا ہے کہ مذکورہ شخص کا شناختی کارڈ، چیک بک، سند یا دیگر اصل کاغذات کہیں گم ہو گئے ہیں جن کی تلاش کے باوجود دستیابی نہ ہو سکی ہے لہذا ان کو منسوخ تصور کیا جائے اور اگر کسی صاحب کو ملیں تو متعلقہ دفتر یا پتہ پر پہنچا دیں۔
14/4/2026
مہر عدالت — دستخط
بیان حلفی برائے وراثت
یہ اشتہار عام اطلاع کے لیے شائع کیا جاتا ہے کہ مذکورہ شخص کا شناختی کارڈ، چیک بک، سند یا دیگر اصل کاغذات کہیں گم ہو گئے ہیں جن کی تلاش کے باوجود دستیابی نہ ہو سکی ہے لہذا ان کو منسوخ تصور کیا جائے اور اگر کسی صاحب کو ملیں تو متعلقہ دفتر یا پتہ پر پہنچا دیں۔
یہ اشتہار عام اطلاع کے لیے شائع کیا جاتا ہے کہ مذکورہ شخص کا شناختی کارڈ، چیک بک، سند یا دیگر اصل کاغذات کہیں گم ہو گئے ہیں جن کی تلاش کے باوجود دستیابی نہ ہو سکی ہے لہذا ان کو منسوخ تصور کیا جائے اور اگر کسی صاحب کو ملیں تو متعلقہ دفتر یا پتہ پر پہنچا دیں۔
یہ اشتہار عام اطلاع کے لیے شائع کیا جاتا ہے کہ مذکورہ شخص کا شناختی کارڈ، چیک بک، سند یا دیگر اصل کاغذات کہیں گم ہو گئے ہیں جن کی تلاش کے باوجود دستیابی نہ ہو سکی ہے لہذا ان کو منسوخ تصور کیا جائے اور اگر کسی صاحب کو ملیں تو متعلقہ دفتر یا پتہ پر پہنچا دیں۔
17301-0429103-1
اعلان عام
یہ اشتہار عام اطلاع کے لیے شائع کیا جاتا ہے کہ مذکورہ شخص کا شناختی کارڈ، چیک بک، سند یا دیگر اصل کاغذات کہیں گم ہو گئے ہیں جن کی تلاش کے باوجود دستیابی نہ ہو سکی ہے لہذا ان کو منسوخ تصور کیا جائے اور اگر کسی صاحب کو ملیں تو متعلقہ دفتر یا پتہ پر پہنچا دیں۔
09.03.2026
14.04.2026
ADJ-V
یہ اشتہار عام اطلاع کے لیے شائع کیا جاتا ہے کہ مذکورہ شخص کا شناختی کارڈ، چیک بک، سند یا دیگر اصل کاغذات کہیں گم ہو گئے ہیں جن کی تلاش کے باوجود دستیابی نہ ہو سکی ہے لہذا ان کو منسوخ تصور کیا جائے اور اگر کسی صاحب کو ملیں تو متعلقہ دفتر یا پتہ پر پہنچا دیں۔
یہ اشتہار عام اطلاع کے لیے شائع کیا جاتا ہے کہ مذکورہ شخص کا شناختی کارڈ، چیک بک، سند یا دیگر اصل کاغذات کہیں گم ہو گئے ہیں جن کی تلاش کے باوجود دستیابی نہ ہو سکی ہے لہذا ان کو منسوخ تصور کیا جائے اور اگر کسی صاحب کو ملیں تو متعلقہ دفتر یا پتہ پر پہنچا دیں۔
☆☆☆☆☆☆☆☆☆☆
